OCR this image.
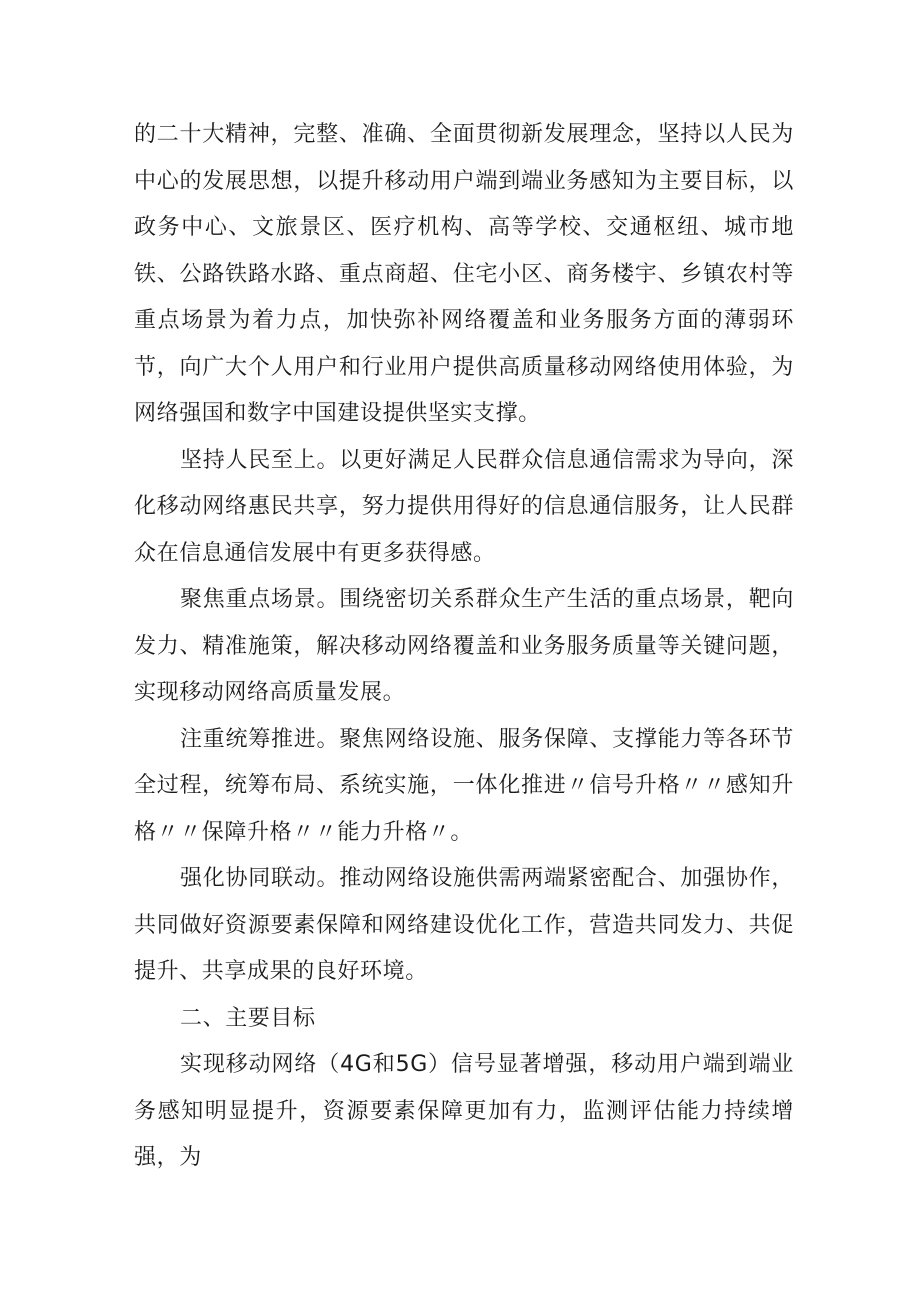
的二十大精神，完整、准确、全面贯彻新发展理念，坚持以人民为中心的发展思想，以提升移动用户端到端业务感知为主要目标，以政务中心、文旅景区、医疗机构、高等学校、交通枢纽、城市地铁、公路铁路水路、重点商超、住宅小区、商务楼宇、乡镇农村等重点场景为着力点，加快弥补网络覆盖和业务服务方面的薄弱环节，向广大个人用户和行业用户提供高质量移动网络使用体验，为网络强国和数字中国建设提供坚实支撑。

坚持人民至上。以更好满足人民群众信息通信需求为导向，深化移动网络惠民共享，努力提供用得好的信息通信服务，让人民群众在信息通信发展中有更多获得感。

聚焦重点场景。围绕密切关系群众生产生活的重点场景，靶向发力、精准施策，解决移动网络覆盖和业务服务质量等关键问题，实现移动网络高质量发展。

注重统筹推进。聚焦网络设施、服务保障、支撑能力等各环节全过程，统筹布局、系统实施，一体化推进〃信号升格〃〃感知升格〃〃保障升格〃〃能力升格〃。

强化协同联动。推动网络设施供需两端紧密配合、加强协作，共同做好资源要素保障和网络建设优化工作，营造共同发力、共促提升、共享成果的良好环境。

二、主要目标

实现移动网络（4G和5G）信号显著增强，移动用户端到端业务感知明显提升，资源要素保障更加有力，监测评估能力持续增强，为
